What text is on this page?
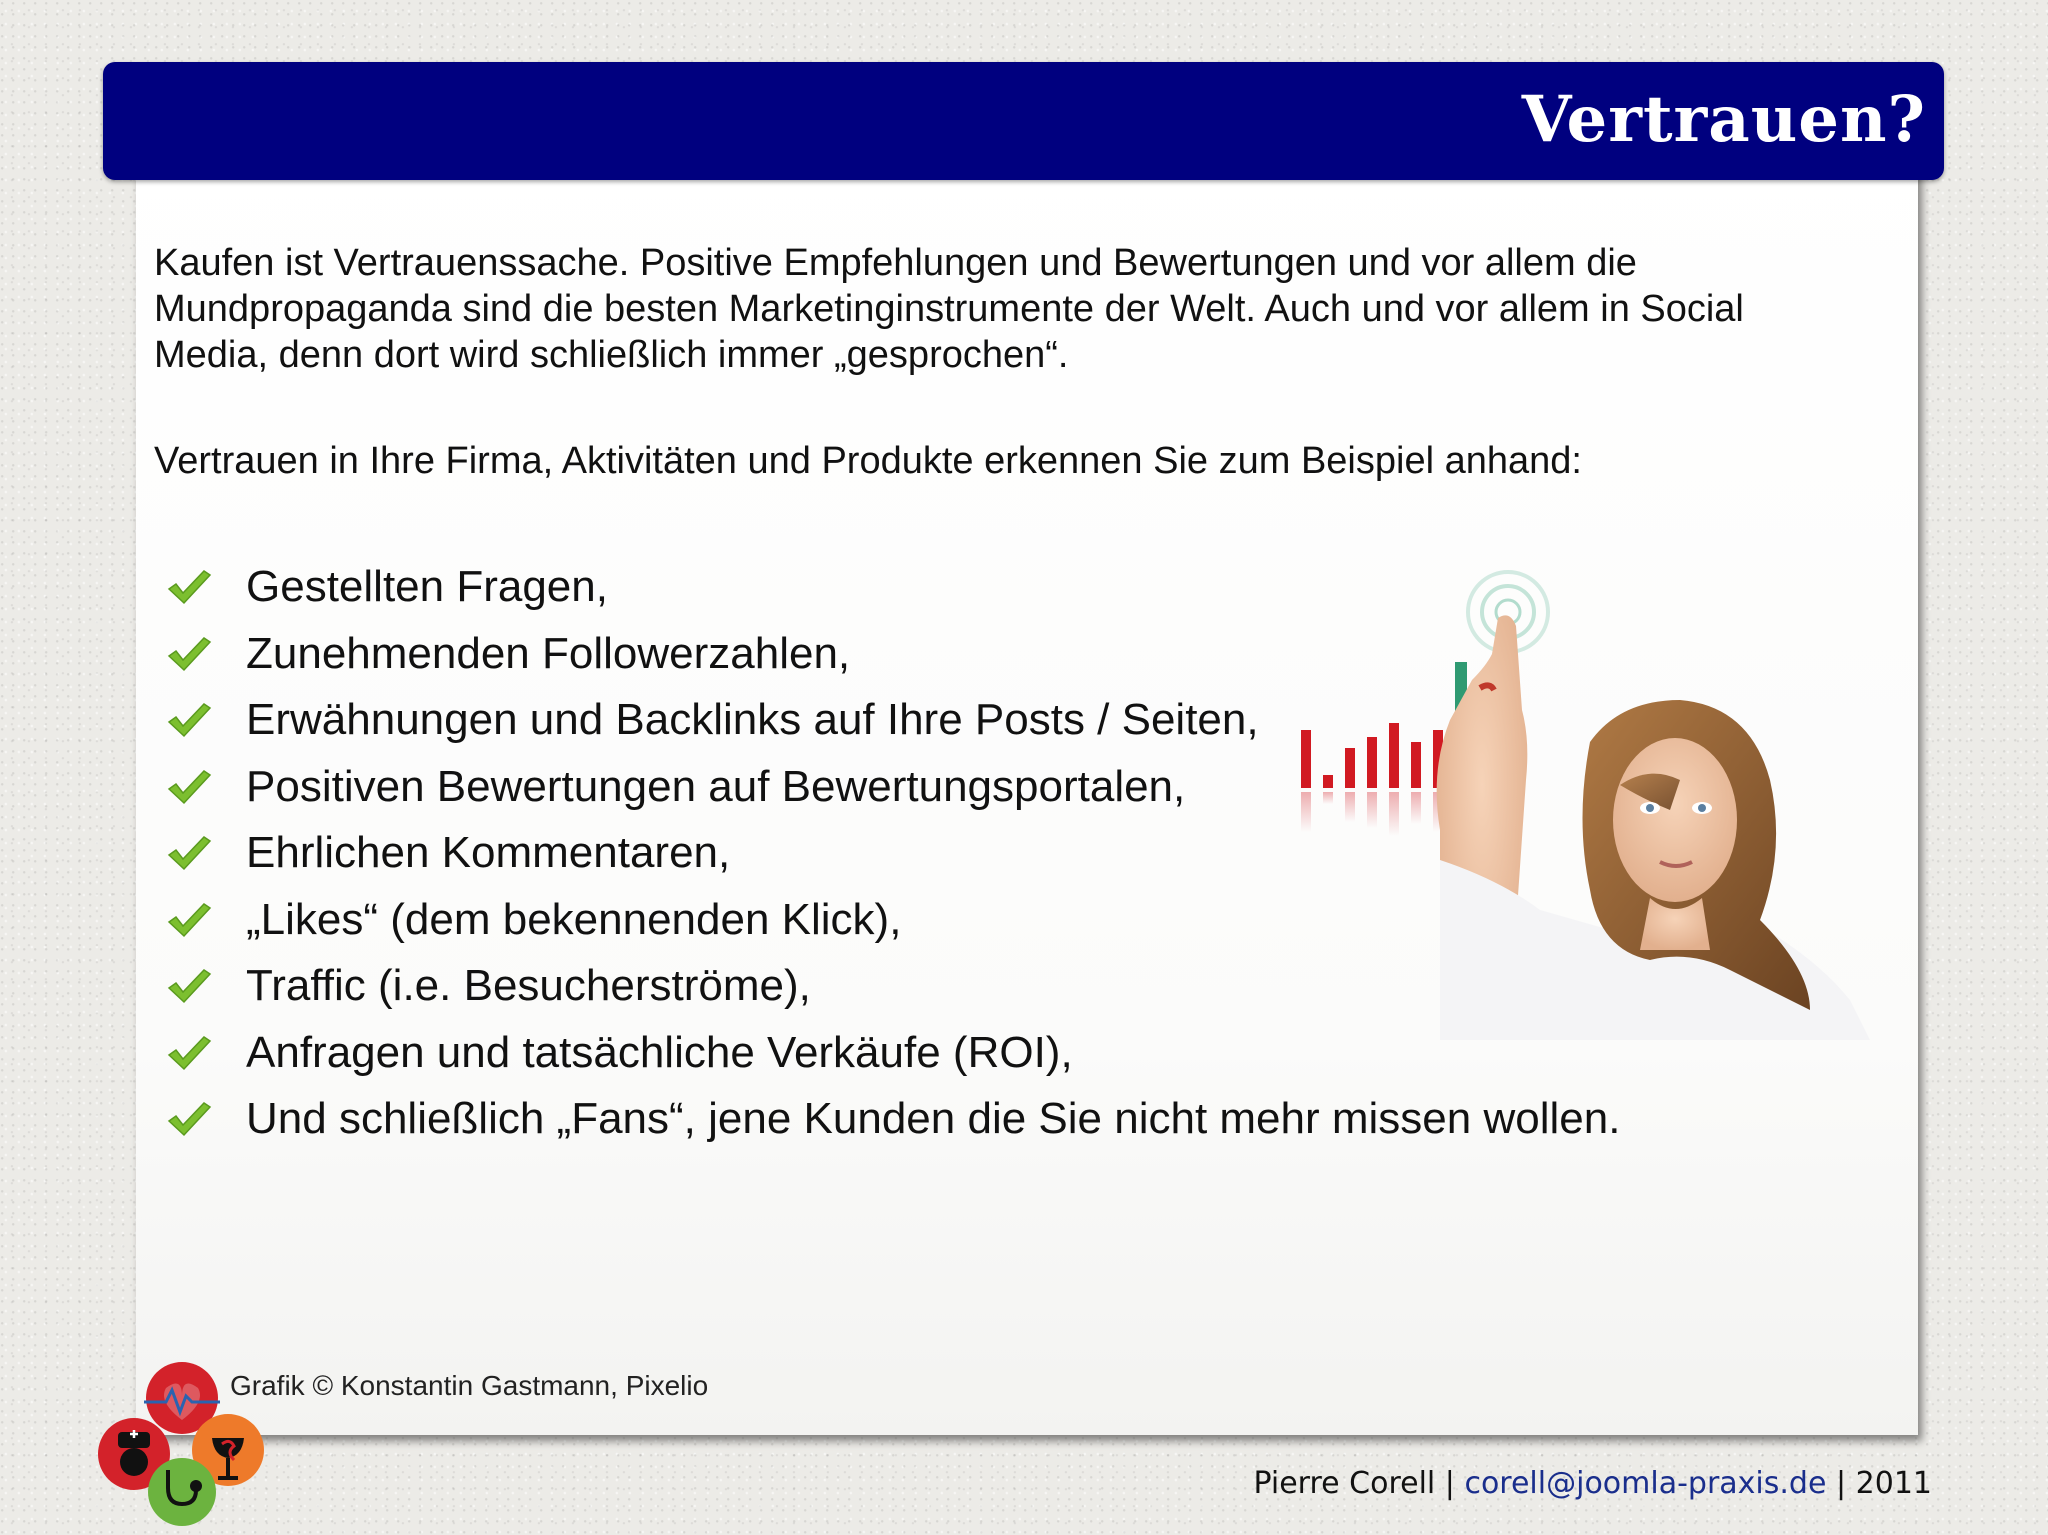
Vertrauen?

Kaufen ist Vertrauenssache. Positive Empfehlungen und Bewertungen und vor allem die Mundpropaganda sind die besten Marketinginstrumente der Welt. Auch und vor allem in Social Media, denn dort wird schließlich immer „gesprochen“.

Vertrauen in Ihre Firma, Aktivitäten und Produkte erkennen Sie zum Beispiel anhand:

Gestellten Fragen,
Zunehmenden Followerzahlen,
Erwähnungen und Backlinks auf Ihre Posts / Seiten,
Positiven Bewertungen auf Bewertungsportalen,
Ehrlichen Kommentaren,
„Likes“ (dem bekennenden Klick),
Traffic (i.e. Besucherströme),
Anfragen und tatsächliche Verkäufe (ROI),
Und schließlich „Fans“, jene Kunden die Sie nicht mehr missen wollen.
Grafik © Konstantin Gastmann, Pixelio
Pierre Corell | corell@joomla-praxis.de | 2011
